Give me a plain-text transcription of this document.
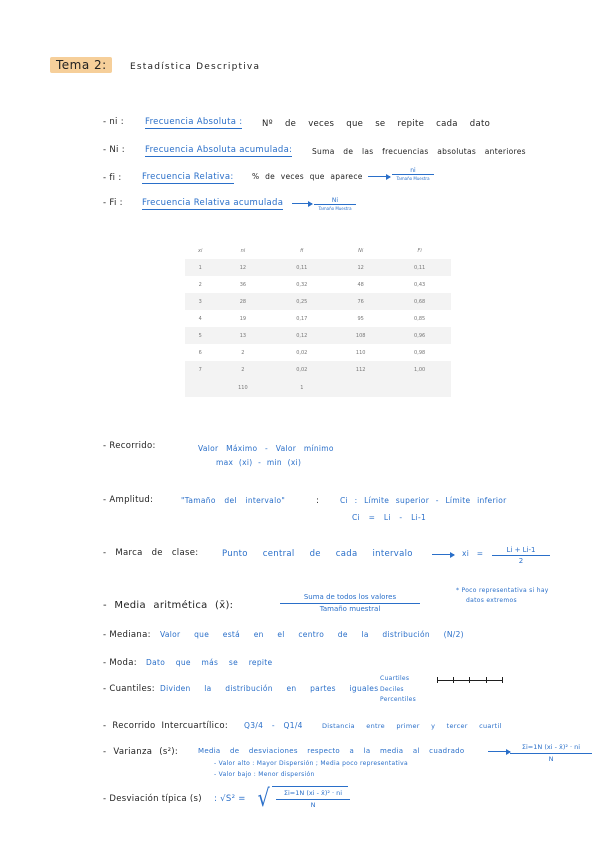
Tema 2:	Estadística Descriptiva
- ni : Frecuencia Absoluta : Nº de veces que se repite cada dato
- Ni : Frecuencia Absoluta acumulada:	Suma de las frecuencias absolutas anteriores
- fi : Frecuencia Relativa: % de veces que aparece
ni
Tamaño Muestra
- Fi : Frecuencia Relativa acumulada	Ni
Tamaño Muestra
xi	ni	fi	Ni	Fi
1	12	0,11	12	0,11
2	36	0,32	48	0,43
3	28	0,25	76	0,68
4	19	0,17	95	0,85
5	13	0,12	108	0,96
6	2	0,02	110	0,98
7	2	0,02	112	1,00
	110	1		
- Recorrido:	Valor Máximo - Valor mínimo
max (xi) - min (xi)
- Amplitud:	"Tamaño del intervalo"	:	Ci : Límite superior - Límite inferior
Ci = Li - Li-1
- Marca de clase:	Punto central de cada intervalo	xi = $\frac{Li + Li-1}{2}$
- Media aritmética (x̄):
Suma de todos los valores
Tamaño muestral
* Poco representativa si hay
datos extremos
- Mediana: Valor que está en el centro de la distribución (N/2)
- Moda: Dato que más se repite
- Cuantiles: Dividen la distribución en partes iguales
Cuartiles
Deciles
Percentiles
- Recorrido Intercuartílico: Q3/4 - Q1/4	Distancia entre primer y tercer cuartil
- Varianza (s²):	Media de desviaciones respecto a la media al cuadrado	$\frac{\text{Σi=1N (xi - x̄)² · ni}}{N}$
- Valor alto : Mayor Dispersión ; Media poco representativa
- Valor bajo : Menor dispersión
- Desviación típica (s) : √S² = √ $\frac{\text{Σi=1N (xi - x̄)² · ni}}{N}$
